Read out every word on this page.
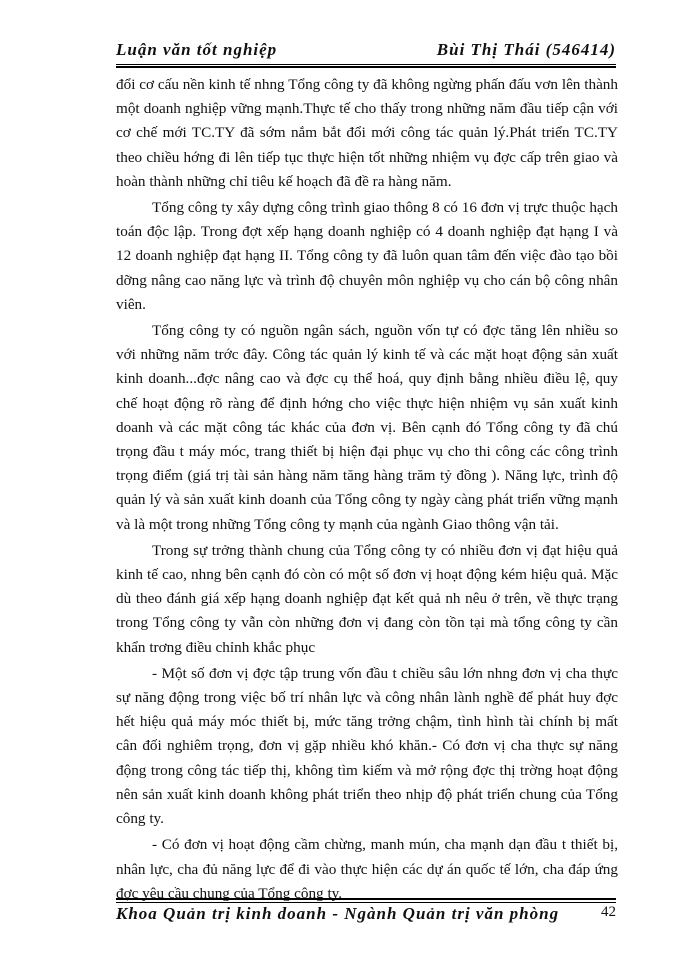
Luận văn tốt nghiệp	Bùi Thị Thái (546414)

đổi cơ cấu nền kinh tế nhng Tổng công ty đã không ngừng phấn đấu vơn lên thành một doanh nghiệp vững mạnh.Thực tế cho thấy trong những năm đầu tiếp cận với cơ chế mới TC.TY đã sớm nắm bắt đổi mới công tác quản lý.Phát triển TC.TY theo chiều hớng đi lên tiếp tục thực hiện tốt những nhiệm vụ đợc cấp trên giao và hoàn thành những chỉ tiêu kế hoạch đã đề ra hàng năm.

Tổng công ty xây dựng công trình giao thông 8 có 16 đơn vị trực thuộc hạch toán độc lập. Trong đợt xếp hạng doanh nghiệp có 4 doanh nghiệp đạt hạng I và 12 doanh nghiệp đạt hạng II. Tổng công ty đã luôn quan tâm đến việc đào tạo bồi dỡng nâng cao năng lực và trình độ chuyên môn nghiệp vụ cho cán bộ công nhân viên.

Tổng công ty có nguồn ngân sách, nguồn vốn tự có đợc tăng lên nhiều so với những năm trớc đây. Công tác quản lý kinh tế và các mặt hoạt động sản xuất kinh doanh...đợc nâng cao và đợc cụ thể hoá, quy định bằng nhiều điều lệ, quy chế hoạt động rõ ràng để định hớng cho việc thực hiện nhiệm vụ sản xuất kinh doanh và các mặt công tác khác của đơn vị. Bên cạnh đó Tổng công ty đã chú trọng đầu t máy móc, trang thiết bị hiện đại phục vụ cho thi công các công trình trọng điểm (giá trị tài sản hàng năm tăng hàng trăm tỷ đồng ). Năng lực, trình độ quản lý và sản xuất kinh doanh của Tổng công ty ngày càng phát triển vững mạnh và là một trong những Tổng công ty mạnh của ngành Giao thông vận tải.

Trong sự trởng thành chung của Tổng công ty có nhiều đơn vị đạt hiệu quả kinh tế cao, nhng bên cạnh đó còn có một số đơn vị hoạt động kém hiệu quả. Mặc dù theo đánh giá xếp hạng doanh nghiệp đạt kết quả nh nêu ở trên, về thực trạng trong Tổng công ty vẫn còn những đơn vị đang còn tồn tại mà tổng công ty cần khẩn trơng điều chỉnh khắc phục

- Một số đơn vị đợc tập trung vốn đầu t chiều sâu lớn nhng đơn vị cha thực sự năng động trong việc bố trí nhân lực và công nhân lành nghề để phát huy đợc hết hiệu quả máy móc thiết bị, mức tăng trởng chậm, tình hình tài chính bị mất cân đối nghiêm trọng, đơn vị gặp nhiều khó khăn.- Có đơn vị cha thực sự năng động trong công tác tiếp thị, không tìm kiếm và mở rộng đợc thị trờng hoạt động nên sản xuất kinh doanh không phát triển theo nhịp độ phát triển chung của Tổng công ty.

- Có đơn vị hoạt động cầm chừng, manh mún, cha mạnh dạn đầu t thiết bị, nhân lực, cha đủ năng lực để đi vào thực hiện các dự án quốc tế lớn, cha đáp ứng đợc yêu cầu chung của Tổng công ty.

Khoa Quản trị kinh doanh - Ngành Quản trị văn phòng	42
